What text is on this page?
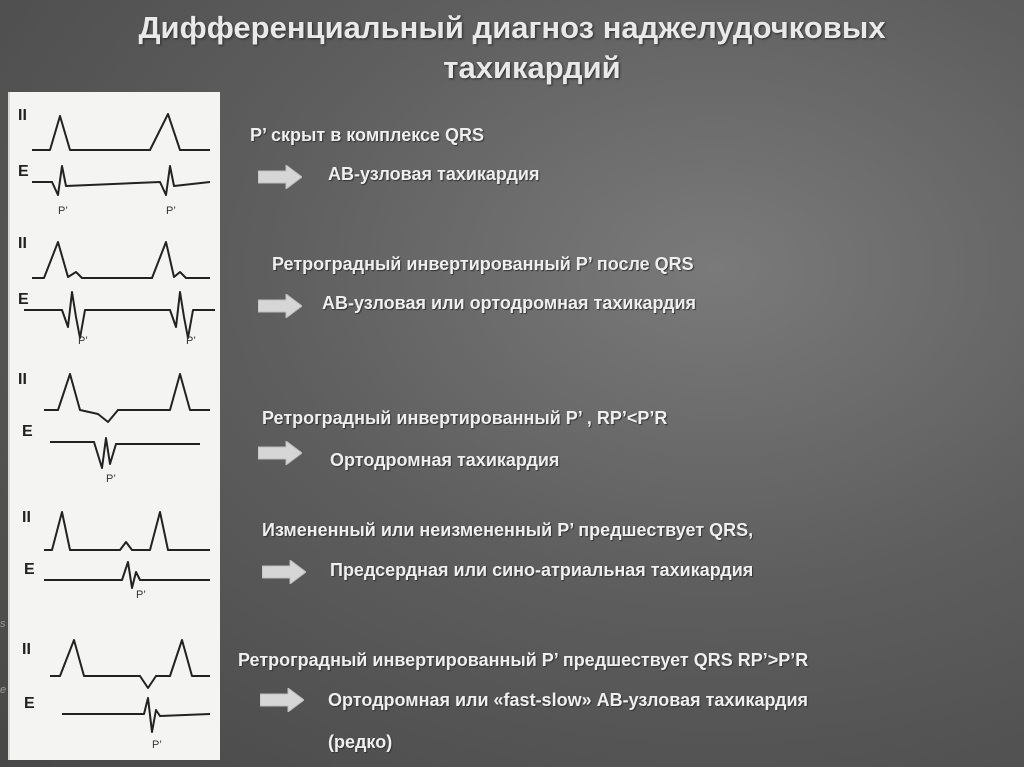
Дифференциальный диагноз наджелудочковых
тахикардий
s
e
II
E
II
E
II
E
II
E
II
E
P’	P’
P’	P’
P’
P’
P’
P’ скрыт в комплексе QRS
АВ-узловая тахикардия
Ретроградный инвертированный P’ после QRS
АВ-узловая или ортодромная тахикардия
Ретроградный инвертированный P’ , RP’<P’R
Ортодромная тахикардия
Измененный или неизмененный P’ предшествует QRS,
Предсердная или сино-атриальная тахикардия
Ретроградный инвертированный P’ предшествует QRS RP’>P’R
Ортодромная или «fast-slow» АВ-узловая тахикардия
(редко)
